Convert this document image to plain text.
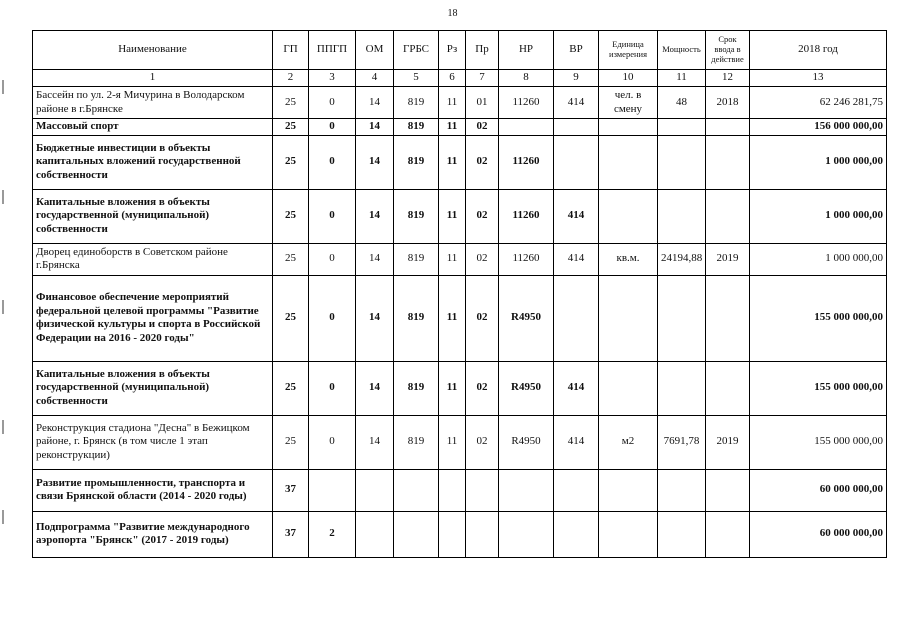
18
Наименование	ГП	ППГП	ОМ	ГРБС	Рз	Пр	НР	ВР	Единица измерения	Мощность	Срок ввода в действие	2018 год
1	2	3	4	5	6	7	8	9	10	11	12	13
Бассейн по ул. 2-я Мичурина в Володарском районе в г.Брянске	25	0	14	819	11	01	11260	414	чел. в смену	48	2018	62 246 281,75
Массовый спорт	25	0	14	819	11	02						156 000 000,00
Бюджетные инвестиции в объекты капитальных вложений государственной собственности	25	0	14	819	11	02	11260					1 000 000,00
Капитальные вложения в объекты государственной (муниципальной) собственности	25	0	14	819	11	02	11260	414				1 000 000,00
Дворец единоборств в Советском районе г.Брянска	25	0	14	819	11	02	11260	414	кв.м.	24194,88	2019	1 000 000,00
Финансовое обеспечение мероприятий федеральной целевой программы "Развитие физической культуры и спорта в Российской Федерации на 2016 - 2020 годы"	25	0	14	819	11	02	R4950					155 000 000,00
Капитальные вложения в объекты государственной (муниципальной) собственности	25	0	14	819	11	02	R4950	414				155 000 000,00
Реконструкция стадиона "Десна" в Бежицком районе, г. Брянск (в том числе 1 этап реконструкции)	25	0	14	819	11	02	R4950	414	м2	7691,78	2019	155 000 000,00
Развитие промышленности, транспорта и связи Брянской области (2014 - 2020 годы)	37											60 000 000,00
Подпрограмма "Развитие международного аэропорта "Брянск" (2017 - 2019 годы)	37	2										60 000 000,00
